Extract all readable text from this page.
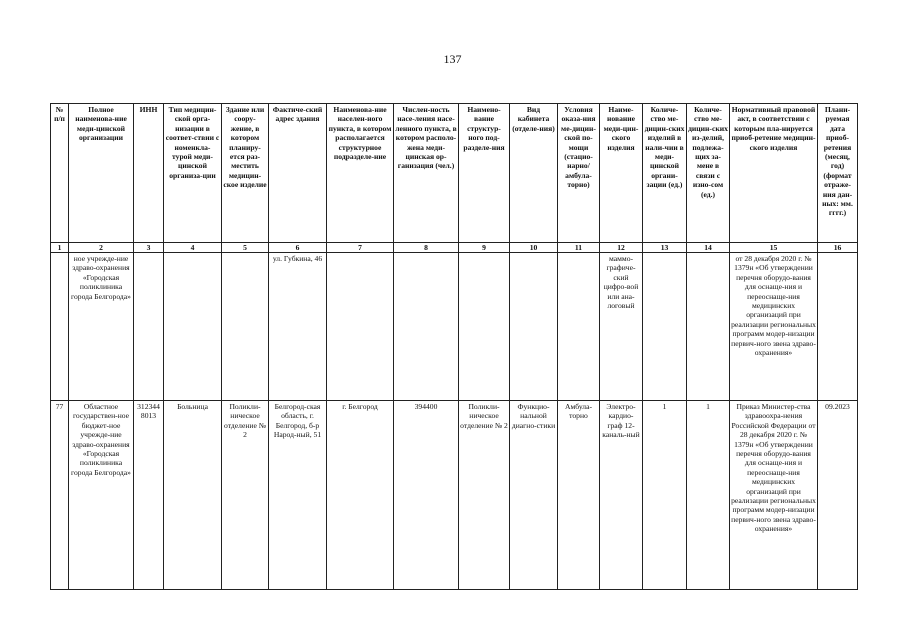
137
№ п/п	Полное наименова-ние меди-цинской организации	ИНН	Тип медицин-ской орга-низации в соответ-ствии с номенкла-турой меди-цинской организа-ции	Здание или соору-жение, в котором планиру-ется раз-местить медицин-ское изделие	Фактиче-ский адрес здания	Наименова-ние населен-ного пункта, в котором располагается структурное подразделе-ние	Числен-ность насе-ления насе-ленного пункта, в котором располо-жена меди-цинская ор-ганизация (чел.)	Наимено-вание структур-ного под-разделе-ния	Вид кабинета (отделе-ния)	Условия оказа-ния ме-дицин-ской по-мощи (стацио-нарно/ амбула-торно)	Наиме-нование меди-цин-ского изделия	Количе-ство ме-дицин-ских изделий в нали-чии в меди-цинской органи-зации (ед.)	Количе-ство ме-дицин-ских из-делий, подлежа-щих за-мене в связи с изно-сом (ед.)	Нормативный правовой акт, в соответствии с которым пла-нируется приоб-ретение медицин-ского изделия	Плани-руемая дата приоб-ретения (месяц, год) (формат отраже-ния дан-ных: мм. гггг.)
1	2	3	4	5	6	7	8	9	10	11	12	13	14	15	16
	ное учрежде-ние здраво-охранения «Городская поликлиника города Белгорода»				ул. Губкина, 46						маммо-графиче-ский цифро-вой или ана-логовый			от 28 декабря 2020 г. № 1379н «Об утверждении перечня оборудо-вания для оснаще-ния и переоснаще-ния медицинских организаций при реализации региональных программ модер-низации первич-ного звена здраво-охранения»	
77	Областное государствен-ное бюджет-ное учрежде-ние здраво-охранения «Городская поликлиника города Белгорода»	312344 8013	Больница	Поликли-ническое отделение № 2	Белгород-ская область, г. Белгород, б-р Народ-ный, 51	г. Белгород	394400	Поликли-ническое отделение № 2	Функцио-нальной диагно-стики	Амбула-торно	Электро-кардио-граф 12-каналь-ный	1	1	Приказ Министер-ства здравоохра-нения Российской Федерации от 28 декабря 2020 г. № 1379н «Об утверждении перечня оборудо-вания для оснаще-ния и переоснаще-ния медицинских организаций при реализации региональных программ модер-низации первич-ного звена здраво-охранения»	09.2023
